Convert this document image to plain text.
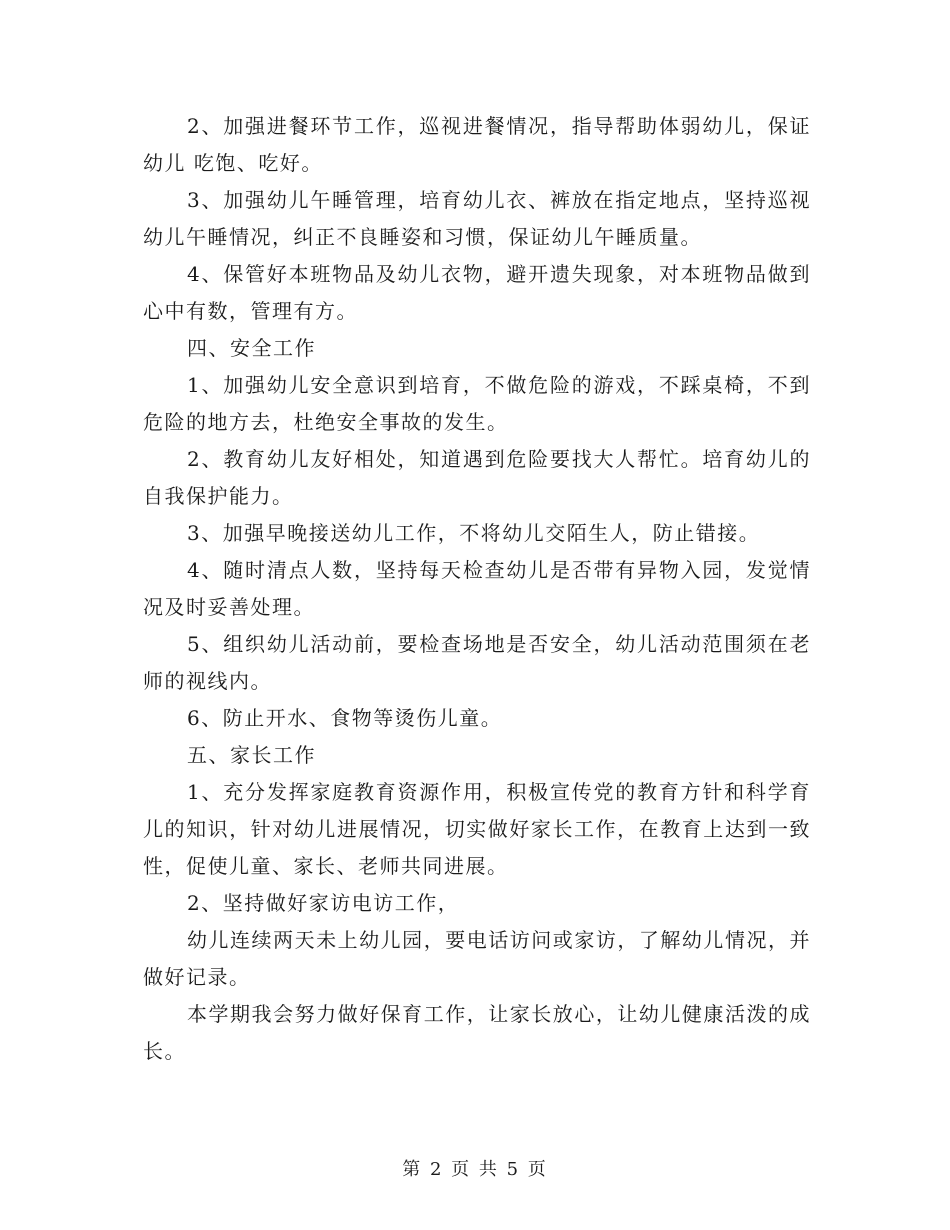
2、加强进餐环节工作，巡视进餐情况，指导帮助体弱幼儿，保证幼儿 吃饱、吃好。

3、加强幼儿午睡管理，培育幼儿衣、裤放在指定地点，坚持巡视幼儿午睡情况，纠正不良睡姿和习惯，保证幼儿午睡质量。

4、保管好本班物品及幼儿衣物，避开遗失现象，对本班物品做到心中有数，管理有方。

四、安全工作

1、加强幼儿安全意识到培育，不做危险的游戏，不踩桌椅，不到危险的地方去，杜绝安全事故的发生。

2、教育幼儿友好相处，知道遇到危险要找大人帮忙。培育幼儿的自我保护能力。

3、加强早晚接送幼儿工作，不将幼儿交陌生人，防止错接。

4、随时清点人数，坚持每天检查幼儿是否带有异物入园，发觉情况及时妥善处理。

5、组织幼儿活动前，要检查场地是否安全，幼儿活动范围须在老师的视线内。

6、防止开水、食物等烫伤儿童。

五、家长工作

1、充分发挥家庭教育资源作用，积极宣传党的教育方针和科学育儿的知识，针对幼儿进展情况，切实做好家长工作，在教育上达到一致性，促使儿童、家长、老师共同进展。

2、坚持做好家访电访工作，

幼儿连续两天未上幼儿园，要电话访问或家访，了解幼儿情况，并做好记录。

本学期我会努力做好保育工作，让家长放心，让幼儿健康活泼的成长。

第 2 页 共 5 页
